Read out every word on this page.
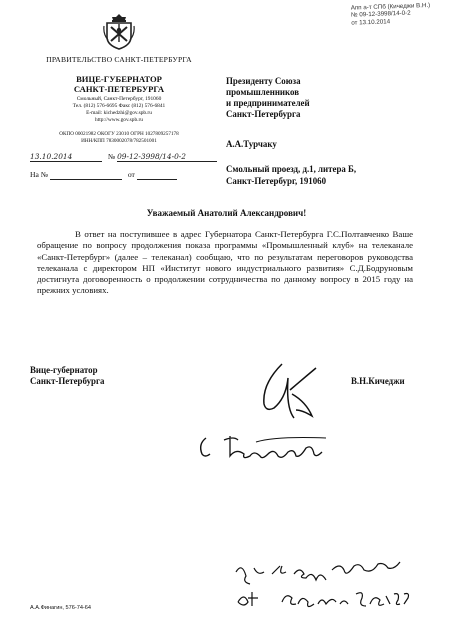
Апп а-т СПб (Кичеджи В.Н.)
№ 09-12-3998/14-0-2
от 13.10.2014
ПРАВИТЕЛЬСТВО САНКТ-ПЕТЕРБУРГА
ВИЦЕ-ГУБЕРНАТОР
САНКТ-ПЕТЕРБУРГА
Смольный, Санкт-Петербург, 191060
Тел. (812) 576-6695 Факс (812) 576-6841
E-mail: kichedzhi@gov.spb.ru
http://www.gov.spb.ru
ОКПО 00021982 ОКОГУ 23010 ОГРН 1027809257178
ИНН/КПП 7830002078/782501001
13.10.2014	№ 09-12-3998/14-0-2
На №	от
Президенту Союза
промышленников
и предпринимателей
Санкт-Петербурга
А.А.Турчаку
Смольный проезд, д.1, литера Б,
Санкт-Петербург, 191060
Уважаемый Анатолий Александрович!
В ответ на поступившее в адрес Губернатора Санкт-Петербурга Г.С.Полтавченко Ваше обращение по вопросу продолжения показа программы «Промышленный клуб» на телеканале «Санкт-Петербург» (далее – телеканал) сообщаю, что по результатам переговоров руководства телеканала с директором НП «Институт нового индустриального развития» С.Д.Бодруновым достигнута договоренность о продолжении сотрудничества по данному вопросу в 2015 году на прежних условиях.
Вице-губернатор
Санкт-Петербурга	В.Н.Кичеджи
А.А.Финагин, 576-74-64
